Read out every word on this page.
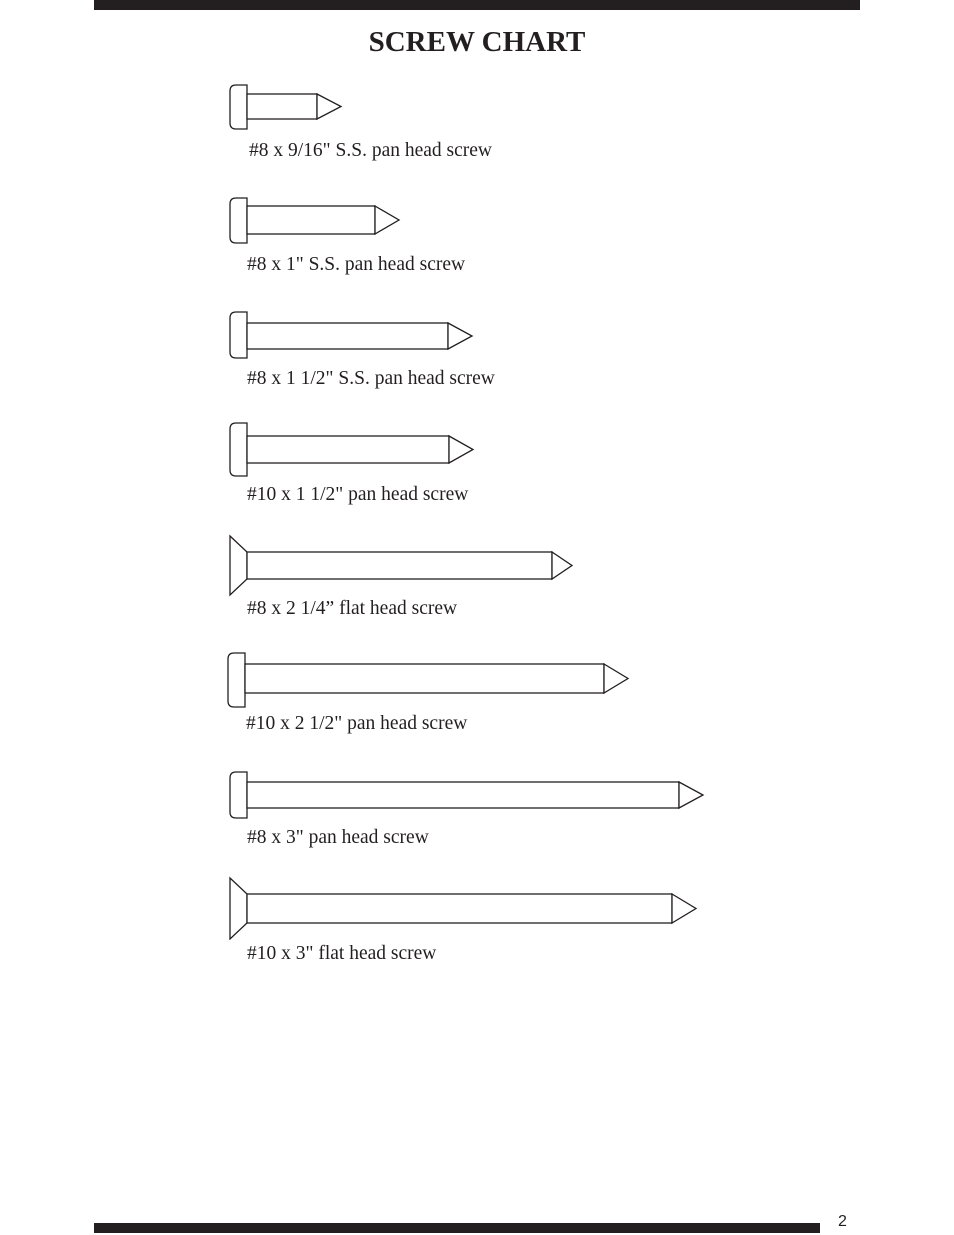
SCREW CHART
#8 x 9/16" S.S. pan head screw
#8 x 1" S.S. pan head screw
#8 x 1 1/2" S.S. pan head screw
#10 x 1 1/2" pan head screw
#8 x 2 1/4” flat head screw
#10 x 2 1/2" pan head screw
#8 x 3" pan head screw
#10 x 3" flat head screw
2
